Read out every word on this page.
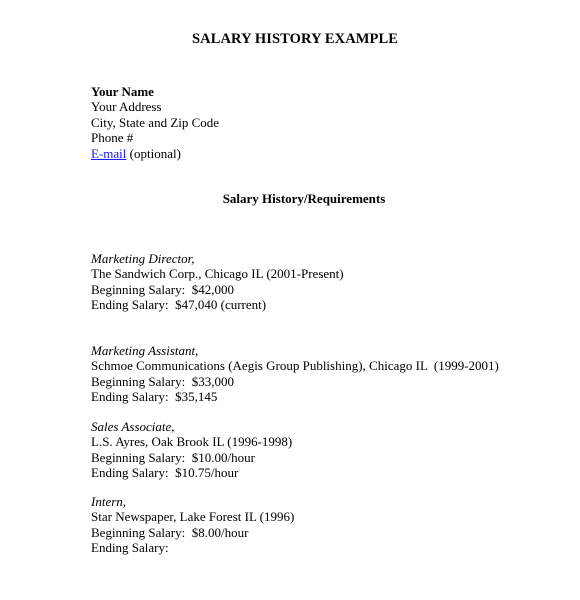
SALARY HISTORY EXAMPLE
Your Name
Your Address
City, State and Zip Code
Phone #
E-mail (optional)
Salary History/Requirements
Marketing Director,
The Sandwich Corp., Chicago IL (2001-Present)
Beginning Salary:  $42,000
Ending Salary:  $47,040 (current)
Marketing Assistant,
Schmoe Communications (Aegis Group Publishing), Chicago IL  (1999-2001)
Beginning Salary:  $33,000
Ending Salary:  $35,145
Sales Associate,
L.S. Ayres, Oak Brook IL (1996-1998)
Beginning Salary:  $10.00/hour
Ending Salary:  $10.75/hour
Intern,
Star Newspaper, Lake Forest IL (1996)
Beginning Salary:  $8.00/hour
Ending Salary:
